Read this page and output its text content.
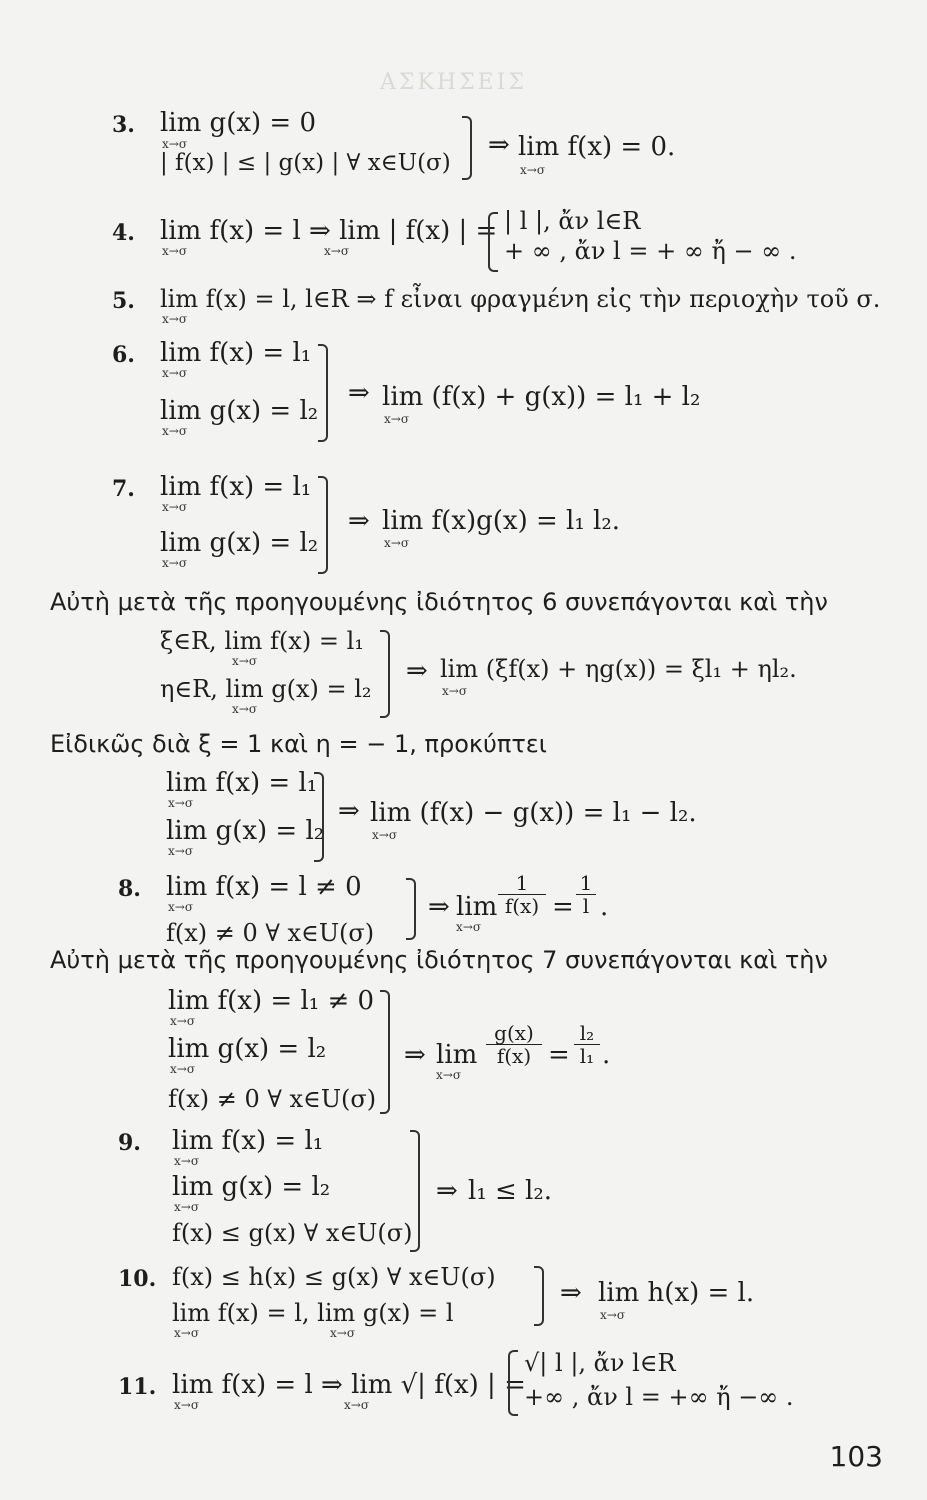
ΑΣΚΗΣΕΙΣ
3. lim g(x) = 0
x→σ
| f(x) | ≤ | g(x) | ∀ x∈U(σ)
⇒ lim f(x) = 0.
x→σ
4. lim f(x) = l ⇒ lim | f(x) | =
x→σ	x→σ
| l |, ἄν l∈R
+ ∞ , ἄν l = + ∞ ἤ − ∞ .
5. lim f(x) = l, l∈R ⇒ f εἶναι φραγμένη εἰς τὴν περιοχὴν τοῦ σ.
x→σ
6. lim f(x) = l₁
x→σ
lim g(x) = l₂
x→σ
⇒ lim (f(x) + g(x)) = l₁ + l₂
x→σ
7. lim f(x) = l₁
x→σ
lim g(x) = l₂
x→σ
⇒ lim f(x)g(x) = l₁ l₂.
x→σ
Αὐτὴ μετὰ τῆς προηγουμένης ἰδιότητος 6 συνεπάγονται καὶ τὴν
ξ∈R, lim f(x) = l₁
x→σ
η∈R, lim g(x) = l₂
x→σ
⇒ lim (ξf(x) + ηg(x)) = ξl₁ + ηl₂.
x→σ
Εἰδικῶς διὰ ξ = 1 καὶ η = − 1, προκύπτει
lim f(x) = l₁
x→σ
lim g(x) = l₂
x→σ
⇒ lim (f(x) − g(x)) = l₁ − l₂.
x→σ
8. lim f(x) = l ≠ 0
x→σ
f(x) ≠ 0 ∀ x∈U(σ)
⇒ lim
x→σ
$\frac{1}{f(x)} = \frac{1}{l}$ .
Αὐτὴ μετὰ τῆς προηγουμένης ἰδιότητος 7 συνεπάγονται καὶ τὴν
lim f(x) = l₁ ≠ 0
x→σ
lim g(x) = l₂
x→σ
f(x) ≠ 0 ∀ x∈U(σ)
⇒ lim
x→σ
$\frac{g(x)}{f(x)} = \frac{\text{l₂}}{\text{l₁}}$ .
9. lim f(x) = l₁
x→σ
lim g(x) = l₂
x→σ
f(x) ≤ g(x) ∀ x∈U(σ)
⇒ l₁ ≤ l₂.
10. f(x) ≤ h(x) ≤ g(x) ∀ x∈U(σ)
lim f(x) = l, lim g(x) = l
x→σ	x→σ
⇒ lim h(x) = l.
x→σ
11. lim f(x) = l ⇒ lim √| f(x) | =
x→σ	x→σ
√| l |, ἄν l∈R
+∞ , ἄν l = +∞ ἤ −∞ .
103
